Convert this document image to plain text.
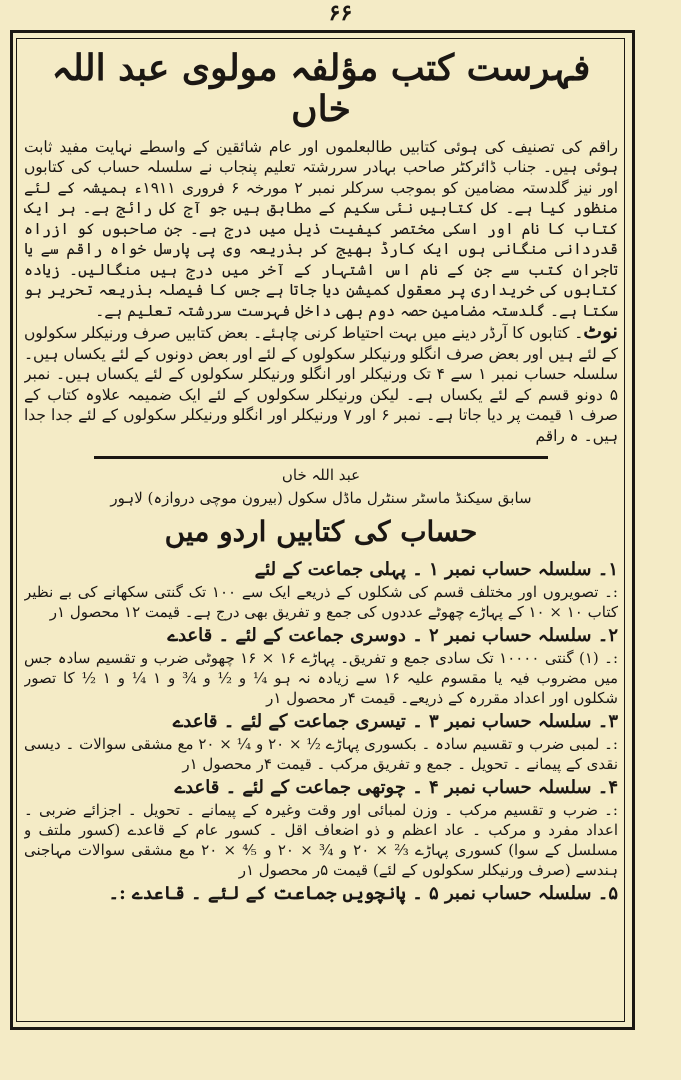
۶۶
فہرست کتب مؤلفہ مولوی عبد اللہ خاں

راقم کی تصنیف کی ہوئی کتابیں طالبعلموں اور عام شائقین کے واسطے نہایت مفید ثابت ہوئی ہیں۔ جناب ڈائرکٹر صاحب بہادر سررشتہ تعلیم پنجاب نے سلسلہ حساب کی کتابوں اور نیز گلدستہ مضامین کو بموجب سرکلر نمبر ۲ مورخہ ۶ فروری ۱۹۱۱ء ہمیشہ کے لئے منظور کیا ہے۔ کل کتابیں نئی سکیم کے مطابق ہیں جو آج کل رائج ہے۔ ہر ایک کتاب کا نام اور اسکی مختصر کیفیت ذیل میں درج ہے۔ جن صاحبوں کو ازراہ قدردانی منگانی ہوں ایک کارڈ بھیج کر بذریعہ وی پی پارسل خواہ راقم سے یا تاجران کتب سے جن کے نام اس اشتہار کے آخر میں درج ہیں منگالیں۔ زیادہ کتابوں کی خریداری پر معقول کمیشن دیا جاتا ہے جس کا فیصلہ بذریعہ تحریر ہو سکتا ہے۔ گلدستہ مضامین حصہ دوم بھی داخل فہرست سررشتہ تعلیم ہے۔

نوٹ۔ کتابوں کا آرڈر دینے میں بہت احتیاط کرنی چاہئے۔ بعض کتابیں صرف ورنیکلر سکولوں کے لئے ہیں اور بعض صرف انگلو ورنیکلر سکولوں کے لئے اور بعض دونوں کے لئے یکساں ہیں۔ سلسلہ حساب نمبر ۱ سے ۴ تک ورنیکلر اور انگلو ورنیکلر سکولوں کے لئے یکساں ہیں۔ نمبر ۵ دونو قسم کے لئے یکساں ہے۔ لیکن ورنیکلر سکولوں کے لئے ایک ضمیمہ علاوہ کتاب کے صرف ۱ قیمت پر دیا جاتا ہے۔ نمبر ۶ اور ۷ ورنیکلر اور انگلو ورنیکلر سکولوں کے لئے جدا جدا ہیں۔ ہ راقم

عبد اللہ خاں
سابق سیکنڈ ماسٹر سنٹرل ماڈل سکول (بیرون موچی دروازہ) لاہور
حساب کی کتابیں اردو میں

۱۔ سلسلہ حساب نمبر ۱ ۔ پہلی جماعت کے لئے

:۔ تصویروں اور مختلف قسم کی شکلوں کے ذریعے ایک سے ۱۰۰ تک گنتی سکھانے کی بے نظیر کتاب ۱۰ × ۱۰ کے پہاڑے چھوٹے عددوں کی جمع و تفریق بھی درج ہے۔ قیمت ۱۲ محصول ۱ر

۲۔ سلسلہ حساب نمبر ۲ ۔ دوسری جماعت کے لئے ۔ قاعدے

:۔ (۱) گنتی ۱۰۰۰۰ تک سادی جمع و تفریق۔ پہاڑے ۱۶ × ۱۶ چھوٹی ضرب و تقسیم سادہ جس میں مضروب فیہ یا مقسوم علیہ ۱۶ سے زیادہ نہ ہو ¼ و ½ و ¾ و ۱ ¼ و ۱ ½ کا تصور شکلوں اور اعداد مقررہ کے ذریعے۔ قیمت ۴ر محصول ۱ر

۳۔ سلسلہ حساب نمبر ۳ ۔ تیسری جماعت کے لئے ۔ قاعدے

:۔ لمبی ضرب و تقسیم سادہ ۔ بکسوری پہاڑے ½ × ۲۰ و ¼ × ۲۰ مع مشقی سوالات ۔ دیسی نقدی کے پیمانے ۔ تحویل ۔ جمع و تفریق مرکب ۔ قیمت ۴ر محصول ۱ر

۴۔ سلسلہ حساب نمبر ۴ ۔ چوتھی جماعت کے لئے ۔ قاعدے

:۔ ضرب و تقسیم مرکب ۔ وزن لمبائی اور وقت وغیرہ کے پیمانے ۔ تحویل ۔ اجزائے ضربی ۔ اعداد مفرد و مرکب ۔ عاد اعظم و ذو اضعاف اقل ۔ کسور عام کے قاعدے (کسور ملتف و مسلسل کے سوا) کسوری پہاڑے ⅔ × ۲۰ و ¾ × ۲۰ و ⅘ × ۲۰ مع مشقی سوالات مہاجنی ہندسے (صرف ورنیکلر سکولوں کے لئے) قیمت ۵ر محصول ۱ر

۵۔ سلسلہ حساب نمبر ۵ ۔ پانچویں جماعت کے لئے ۔ قاعدے :۔
